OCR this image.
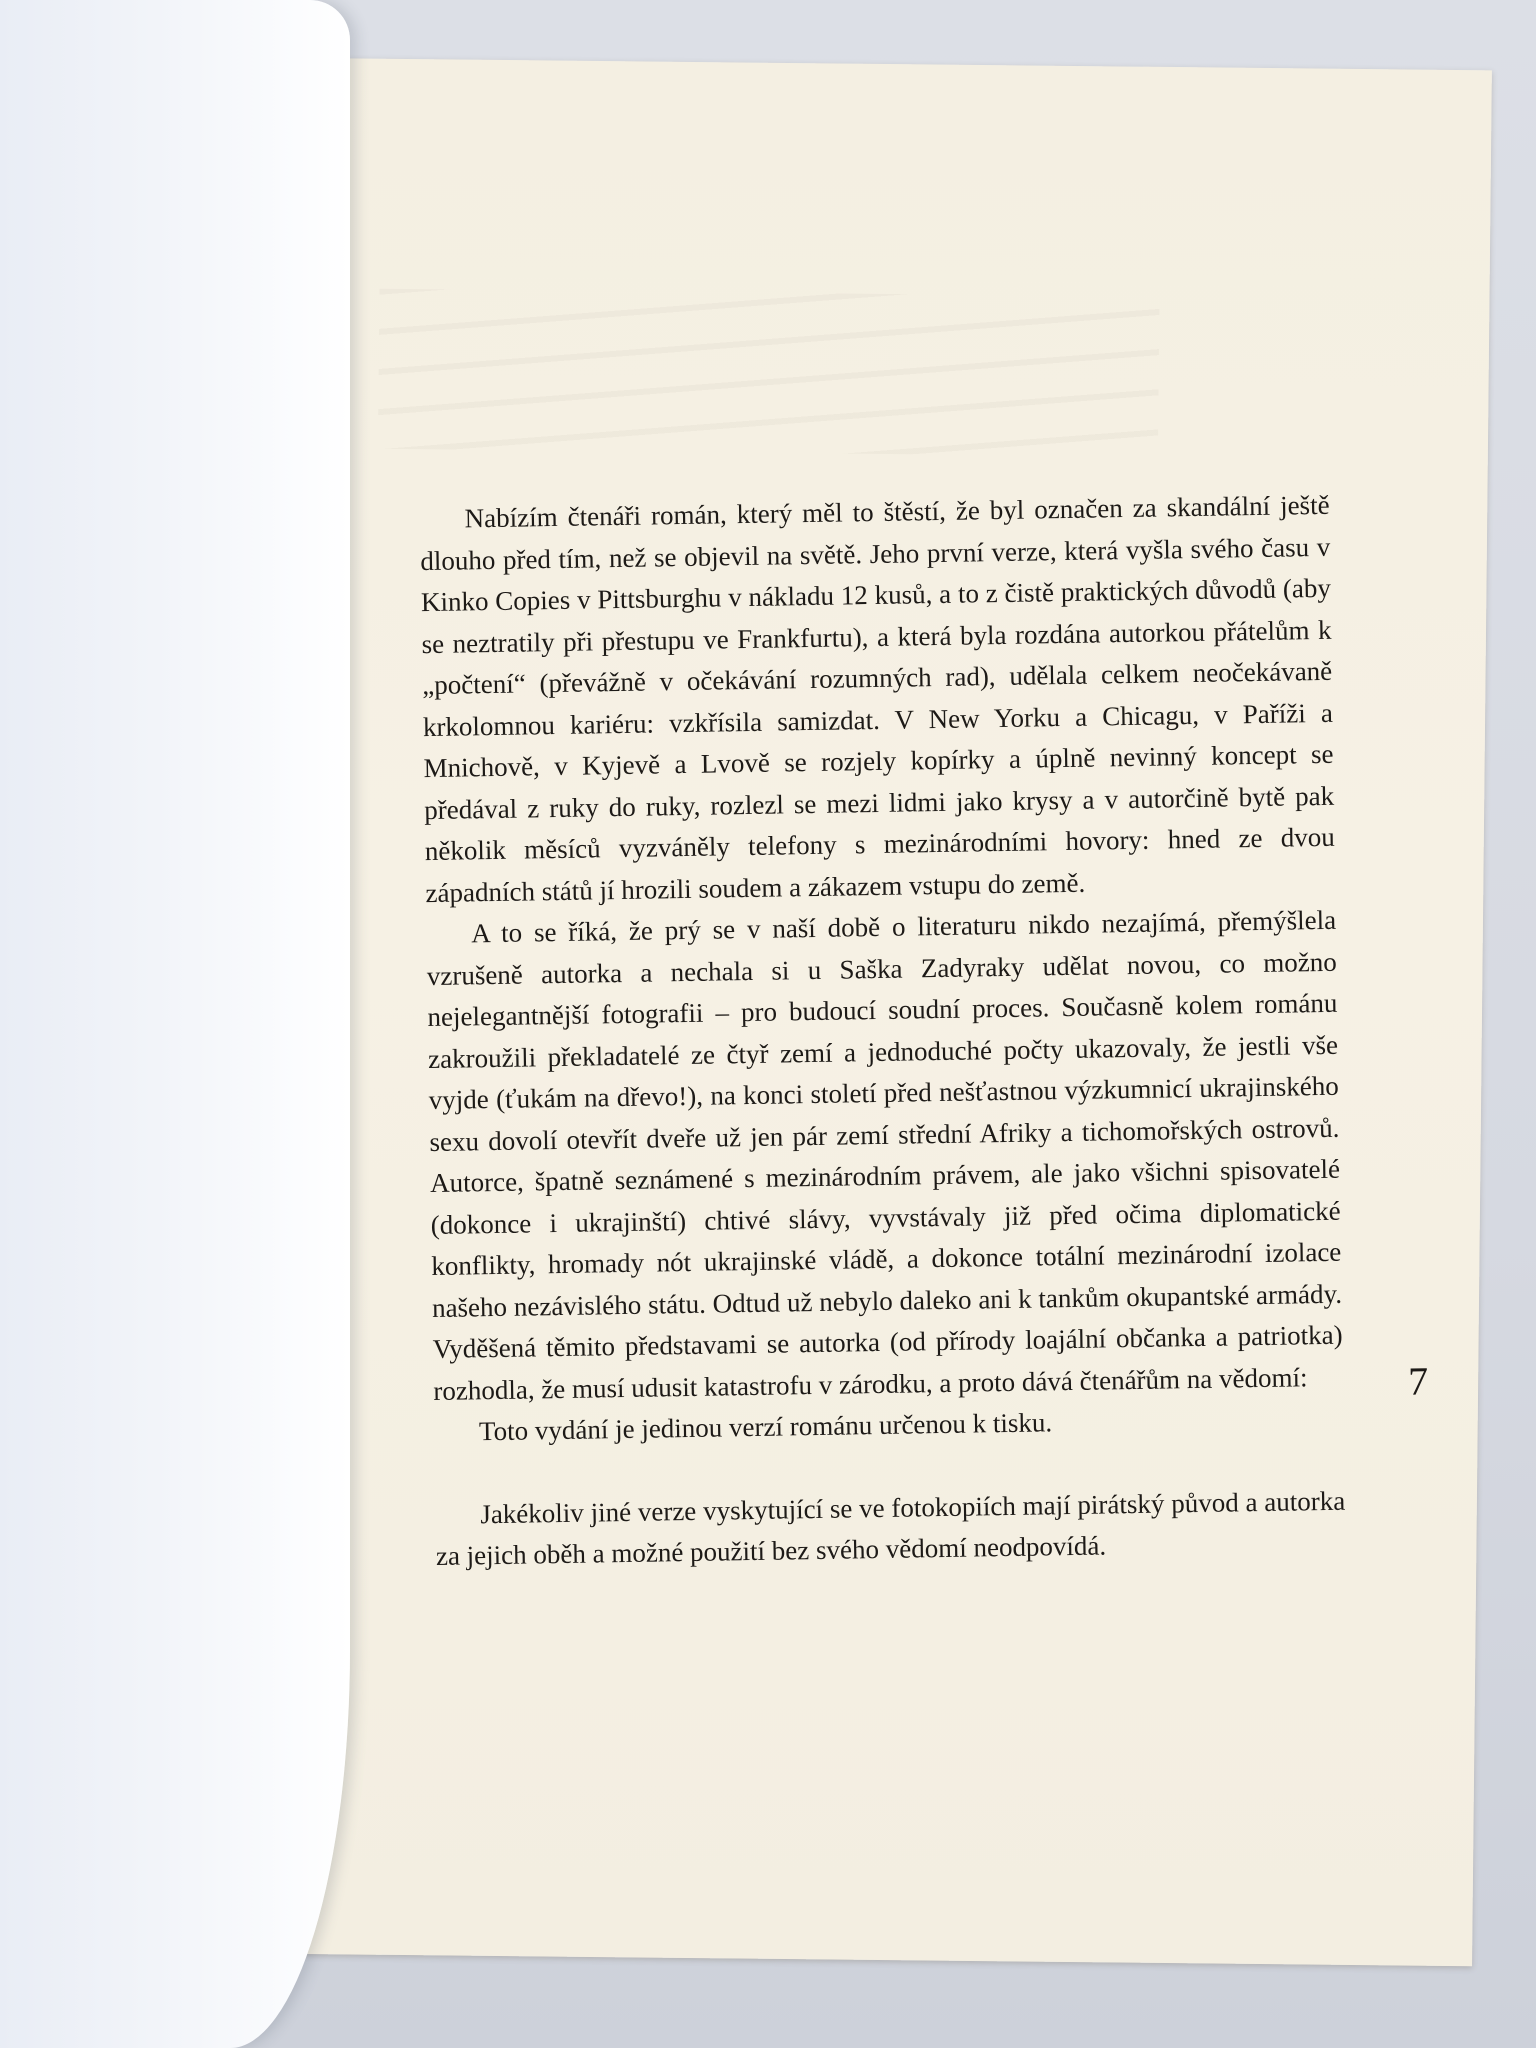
Nabízím čtenáři román, který měl to štěstí, že byl označen za skandální ještě dlouho před tím, než se objevil na světě. Jeho první verze, která vyšla svého času v Kinko Copies v Pittsburghu v nákladu 12 kusů, a to z čistě praktických důvodů (aby se neztratily při přestupu ve Frankfurtu), a která byla rozdána autorkou přátelům k „počtení“ (převážně v očekávání rozumných rad), udělala celkem neočekávaně krkolomnou kariéru: vzkřísila samizdat. V New Yorku a Chicagu, v Paříži a Mnichově, v Kyjevě a Lvově se rozjely kopírky a úplně nevinný koncept se předával z ruky do ruky, rozlezl se mezi lidmi jako krysy a v autorčině bytě pak několik měsíců vyzváněly telefony s mezinárodními hovory: hned ze dvou západních států jí hrozili soudem a zákazem vstupu do země.

A to se říká, že prý se v naší době o literaturu nikdo nezajímá, přemýšlela vzrušeně autorka a nechala si u Saška Zadyraky udělat novou, co možno nejelegantnější fotografii – pro budoucí soudní proces. Současně kolem románu zakroužili překladatelé ze čtyř zemí a jednoduché počty ukazovaly, že jestli vše vyjde (ťukám na dřevo!), na konci století před nešťastnou výzkumnicí ukrajinského sexu dovolí otevřít dveře už jen pár zemí střední Afriky a tichomořských ostrovů. Autorce, špatně seznámené s mezinárodním právem, ale jako všichni spisovatelé (dokonce i ukrajinští) chtivé slávy, vyvstávaly již před očima diplomatické konflikty, hromady nót ukrajinské vládě, a dokonce totální mezinárodní izolace našeho nezávislého státu. Odtud už nebylo daleko ani k tankům okupantské armády. Vyděšená těmito představami se autorka (od přírody loajální občanka a patriotka) rozhodla, že musí udusit katastrofu v zárodku, a proto dává čtenářům na vědomí:

Toto vydání je jedinou verzí románu určenou k tisku.

Jakékoliv jiné verze vyskytující se ve fotokopiích mají pirátský původ a autorka za jejich oběh a možné použití bez svého vědomí neodpovídá.

7
